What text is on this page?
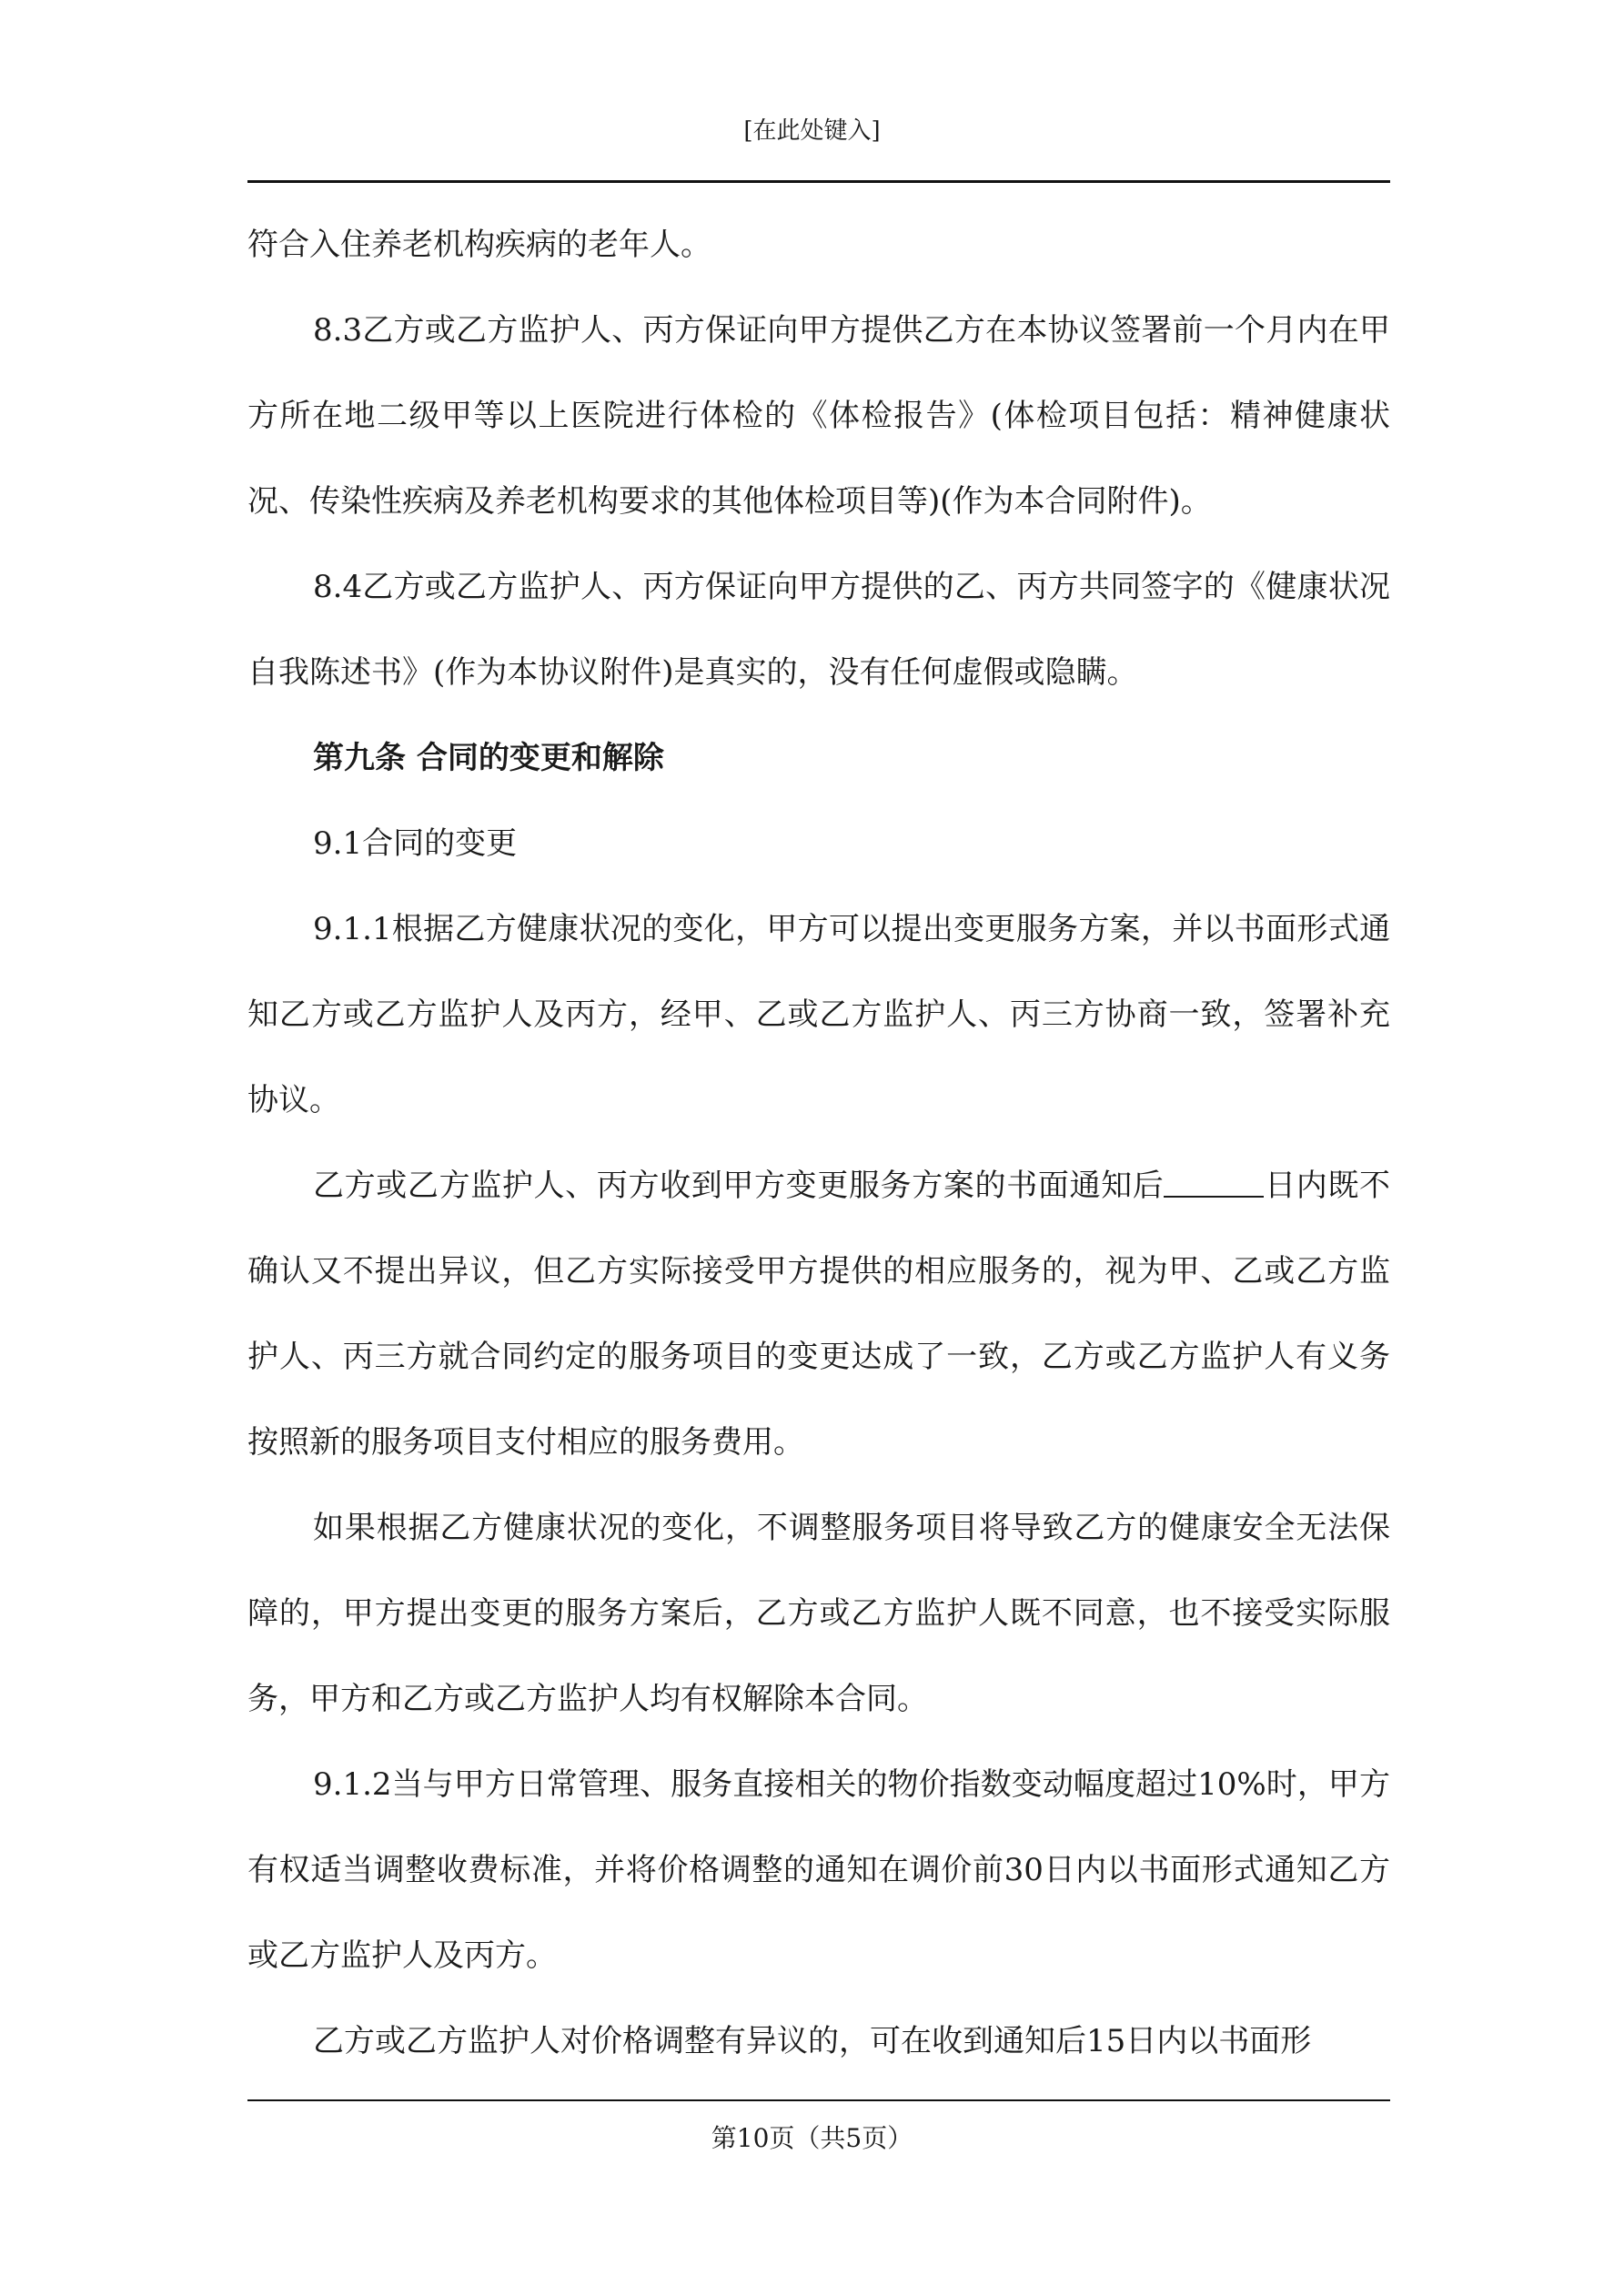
[在此处键入]

符合入住养老机构疾病的老年人。

8.3乙方或乙方监护人、丙方保证向甲方提供乙方在本协议签署前一个月内在甲方所在地二级甲等以上医院进行体检的《体检报告》(体检项目包括：精神健康状况、传染性疾病及养老机构要求的其他体检项目等)(作为本合同附件)。

8.4乙方或乙方监护人、丙方保证向甲方提供的乙、丙方共同签字的《健康状况自我陈述书》(作为本协议附件)是真实的，没有任何虚假或隐瞒。

第九条 合同的变更和解除

9.1合同的变更

9.1.1根据乙方健康状况的变化，甲方可以提出变更服务方案，并以书面形式通知乙方或乙方监护人及丙方，经甲、乙或乙方监护人、丙三方协商一致，签署补充协议。

乙方或乙方监护人、丙方收到甲方变更服务方案的书面通知后	日内既不确认又不提出异议，但乙方实际接受甲方提供的相应服务的，视为甲、乙或乙方监护人、丙三方就合同约定的服务项目的变更达成了一致，乙方或乙方监护人有义务按照新的服务项目支付相应的服务费用。

如果根据乙方健康状况的变化，不调整服务项目将导致乙方的健康安全无法保障的，甲方提出变更的服务方案后，乙方或乙方监护人既不同意，也不接受实际服务，甲方和乙方或乙方监护人均有权解除本合同。

9.1.2当与甲方日常管理、服务直接相关的物价指数变动幅度超过10%时，甲方有权适当调整收费标准，并将价格调整的通知在调价前30日内以书面形式通知乙方或乙方监护人及丙方。

乙方或乙方监护人对价格调整有异议的，可在收到通知后15日内以书面形

第10页（共5页）
